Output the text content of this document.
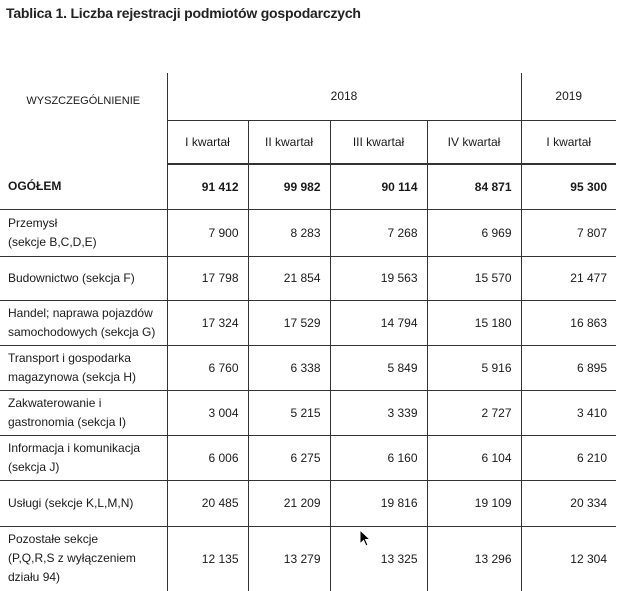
Tablica 1. Liczba rejestracji podmiotów gospodarczych
WYSZCZEGÓLNIENIE	2018				2019
	I kwartał	II kwartał	III kwartał	IV kwartał	I kwartał
OGÓŁEM	91 412	99 982	90 114	84 871	95 300
Przemysł
(sekcje B,C,D,E)	7 900	8 283	7 268	6 969	7 807
Budownictwo (sekcja F)	17 798	21 854	19 563	15 570	21 477
Handel; naprawa pojazdów
samochodowych (sekcja G)	17 324	17 529	14 794	15 180	16 863
Transport i gospodarka
magazynowa (sekcja H)	6 760	6 338	5 849	5 916	6 895
Zakwaterowanie i
gastronomia (sekcja I)	3 004	5 215	3 339	2 727	3 410
Informacja i komunikacja
(sekcja J)	6 006	6 275	6 160	6 104	6 210
Usługi (sekcje K,L,M,N)	20 485	21 209	19 816	19 109	20 334
Pozostałe sekcje
(P,Q,R,S z wyłączeniem
działu 94)	12 135	13 279	13 325	13 296	12 304
